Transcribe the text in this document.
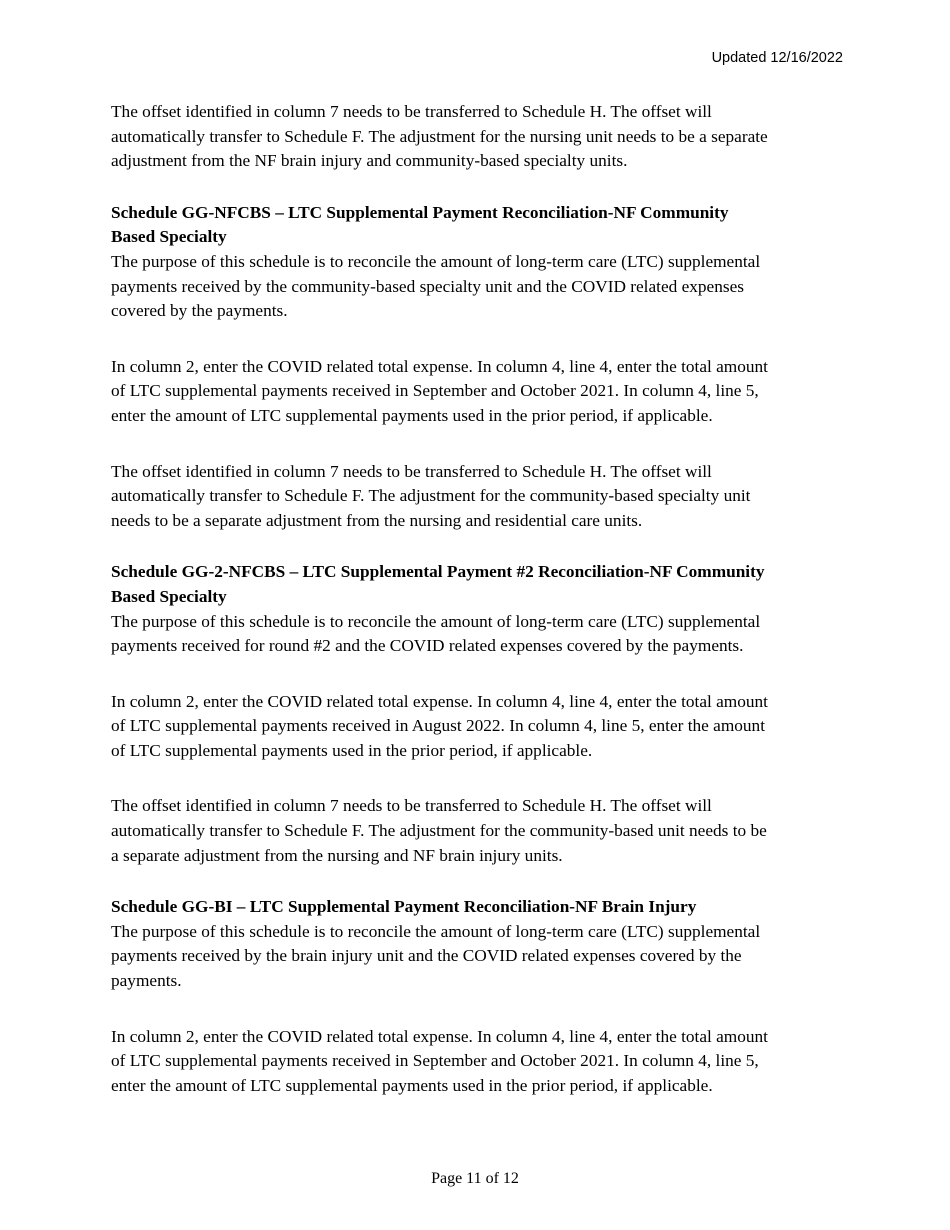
Updated 12/16/2022

The offset identified in column 7 needs to be transferred to Schedule H. The offset will
automatically transfer to Schedule F. The adjustment for the nursing unit needs to be a separate
adjustment from the NF brain injury and community-based specialty units.

Schedule GG-NFCBS – LTC Supplemental Payment Reconciliation-NF Community
Based Specialty

The purpose of this schedule is to reconcile the amount of long-term care (LTC) supplemental
payments received by the community-based specialty unit and the COVID related expenses
covered by the payments.

In column 2, enter the COVID related total expense. In column 4, line 4, enter the total amount
of LTC supplemental payments received in September and October 2021. In column 4, line 5,
enter the amount of LTC supplemental payments used in the prior period, if applicable.

The offset identified in column 7 needs to be transferred to Schedule H. The offset will
automatically transfer to Schedule F. The adjustment for the community-based specialty unit
needs to be a separate adjustment from the nursing and residential care units.

Schedule GG-2-NFCBS – LTC Supplemental Payment #2 Reconciliation-NF Community
Based Specialty

The purpose of this schedule is to reconcile the amount of long-term care (LTC) supplemental
payments received for round #2 and the COVID related expenses covered by the payments.

In column 2, enter the COVID related total expense. In column 4, line 4, enter the total amount
of LTC supplemental payments received in August 2022. In column 4, line 5, enter the amount
of LTC supplemental payments used in the prior period, if applicable.

The offset identified in column 7 needs to be transferred to Schedule H. The offset will
automatically transfer to Schedule F. The adjustment for the community-based unit needs to be
a separate adjustment from the nursing and NF brain injury units.

Schedule GG-BI – LTC Supplemental Payment Reconciliation-NF Brain Injury

The purpose of this schedule is to reconcile the amount of long-term care (LTC) supplemental
payments received by the brain injury unit and the COVID related expenses covered by the
payments.

In column 2, enter the COVID related total expense. In column 4, line 4, enter the total amount
of LTC supplemental payments received in September and October 2021. In column 4, line 5,
enter the amount of LTC supplemental payments used in the prior period, if applicable.

Page 11 of 12
